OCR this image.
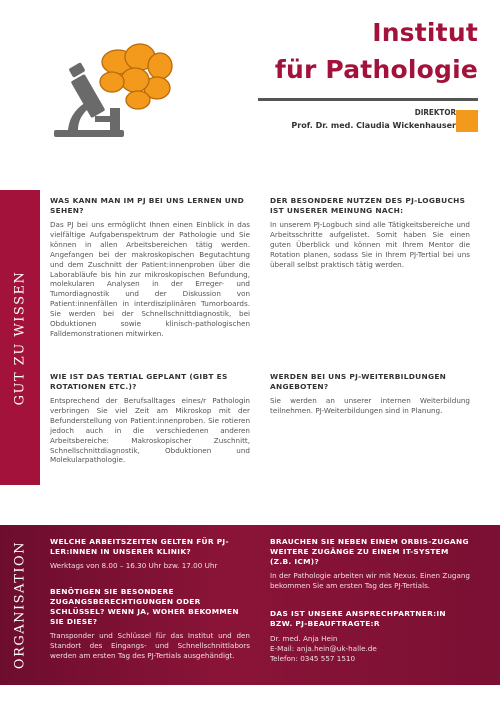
Institut
für Pathologie
DIREKTOR
Prof. Dr. med. Claudia Wickenhauser
GUT ZU WISSEN

WAS KANN MAN IM PJ BEI UNS LERNEN UND SEHEN?

Das PJ bei uns ermöglicht Ihnen einen Einblick in das vielfältige Aufgabenspektrum der Pathologie und Sie können in allen Arbeitsbereichen tätig werden. Angefangen bei der makroskopischen Begutachtung und dem Zuschnitt der Patient:innenproben über die Laborabläufe bis hin zur mikroskopischen Befundung, molekularen Analysen in der Erreger- und Tumordiagnostik und der Diskussion von Patient:innenfällen in interdisziplinären Tumorboards. Sie werden bei der Schnellschnittdiagnostik, bei Obduktionen sowie klinisch-pathologischen Falldemonstrationen mitwirken.

WIE IST DAS TERTIAL GEPLANT (GIBT ES ROTATIONEN ETC.)?

Entsprechend der Berufsalltages eines/r Pathologin verbringen Sie viel Zeit am Mikroskop mit der Befunderstellung von Patient:innenproben. Sie rotieren jedoch auch in die verschiedenen anderen Arbeitsbereiche: Makroskopischer Zuschnitt, Schnellschnittdiagnostik, Obduktionen und Molekularpathologie.

DER BESONDERE NUTZEN DES PJ-LOGBUCHS IST UNSERER MEINUNG NACH:

In unserem PJ-Logbuch sind alle Tätigkeitsbereiche und Arbeitsschritte aufgelistet. Somit haben Sie einen guten Überblick und können mit Ihrem Mentor die Rotation planen, sodass Sie in Ihrem PJ-Tertial bei uns überall selbst praktisch tätig werden.

WERDEN BEI UNS PJ-WEITERBILDUNGEN ANGEBOTEN?

Sie werden an unserer internen Weiterbildung teilnehmen. PJ-Weiterbildungen sind in Planung.

ORGANISATION	WELCHE ARBEITSZEITEN GELTEN FÜR PJ-LER:INNEN IN UNSERER KLINIK?

Werktags von 8.00 – 16.30 Uhr bzw. 17.00 Uhr

BENÖTIGEN SIE BESONDERE ZUGANGSBERECHTIGUNGEN ODER SCHLÜSSEL? WENN JA, WOHER BEKOMMEN SIE DIESE?

Transponder und Schlüssel für das Institut und den Standort des Eingangs- und Schnellschnittlabors werden am ersten Tag des PJ-Tertials ausgehändigt.

BRAUCHEN SIE NEBEN EINEM ORBIS-ZUGANG WEITERE ZUGÄNGE ZU EINEM IT-SYSTEM (Z.B. ICM)?

In der Pathologie arbeiten wir mit Nexus. Einen Zugang bekommen Sie am ersten Tag des PJ-Tertials.

DAS IST UNSERE ANSPRECHPARTNER:IN BZW. PJ-BEAUFTRAGTE:R

Dr. med. Anja Hein

E-Mail: anja.hein@uk-halle.de

Telefon: 0345 557 1510
